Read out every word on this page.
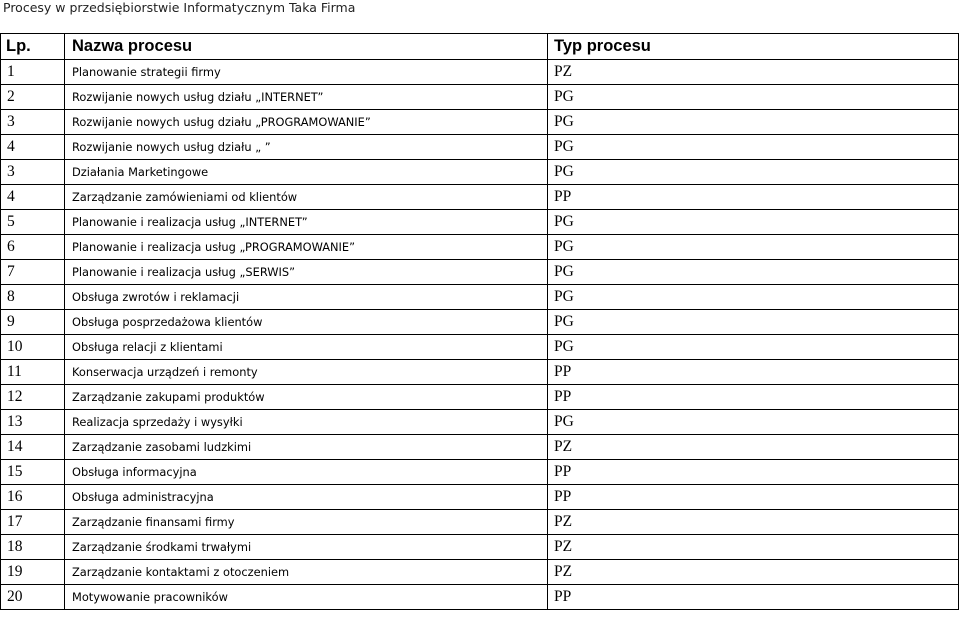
Procesy w przedsiębiorstwie Informatycznym Taka Firma
Lp.	Nazwa procesu	Typ procesu
1	Planowanie strategii firmy	PZ
2	Rozwijanie nowych usług działu „INTERNET”	PG
3	Rozwijanie nowych usług działu „PROGRAMOWANIE”	PG
4	Rozwijanie nowych usług działu „ ”	PG
3	Działania Marketingowe	PG
4	Zarządzanie zamówieniami od klientów	PP
5	Planowanie i realizacja usług „INTERNET”	PG
6	Planowanie i realizacja usług „PROGRAMOWANIE”	PG
7	Planowanie i realizacja usług „SERWIS”	PG
8	Obsługa zwrotów i reklamacji	PG
9	Obsługa posprzedażowa klientów	PG
10	Obsługa relacji z klientami	PG
11	Konserwacja urządzeń i remonty	PP
12	Zarządzanie zakupami produktów	PP
13	Realizacja sprzedaży i wysyłki	PG
14	Zarządzanie zasobami ludzkimi	PZ
15	Obsługa informacyjna	PP
16	Obsługa administracyjna	PP
17	Zarządzanie finansami firmy	PZ
18	Zarządzanie środkami trwałymi	PZ
19	Zarządzanie kontaktami z otoczeniem	PZ
20	Motywowanie pracowników	PP
